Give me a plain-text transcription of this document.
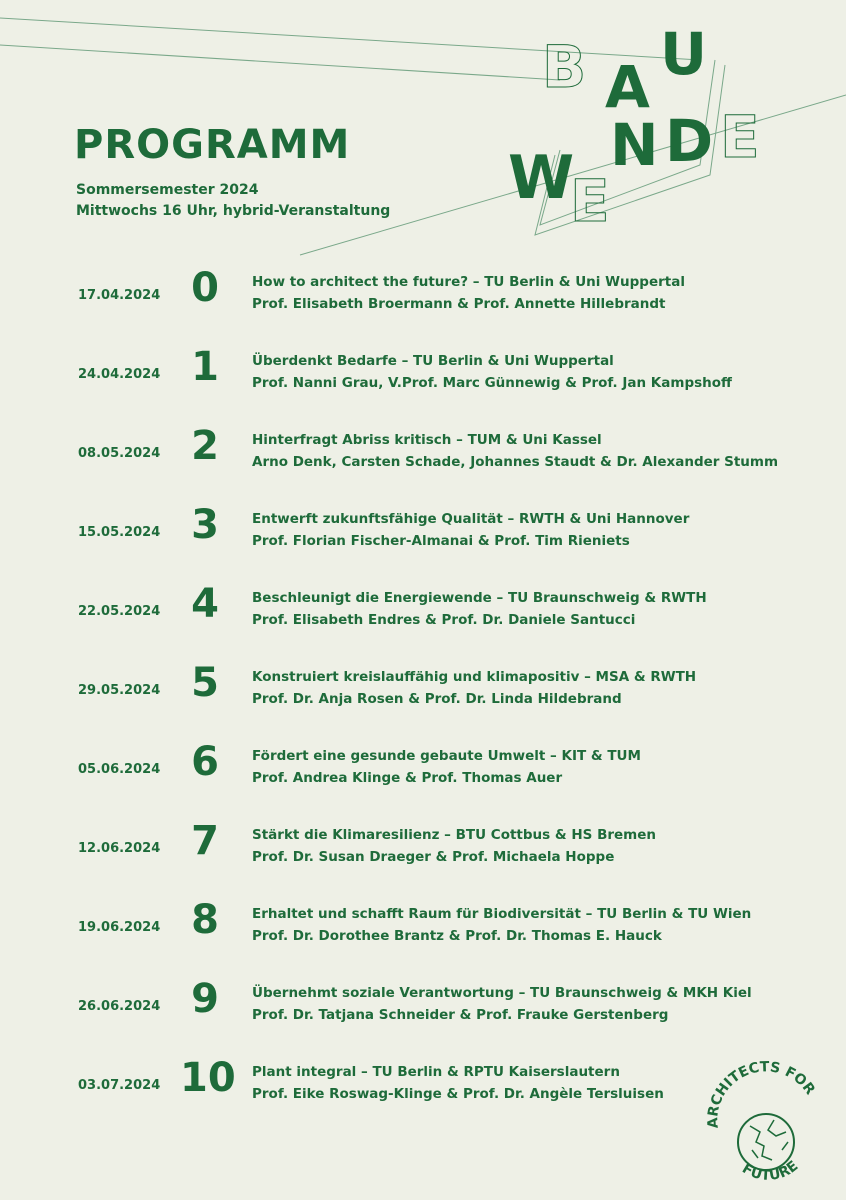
PROGRAMM
Sommersemester 2024
Mittwochs 16 Uhr, hybrid-Veranstaltung
B A U
W
E
N D E
17.04.2024 0	How to architect the future? – TU Berlin & Uni Wuppertal
Prof. Elisabeth Broermann & Prof. Annette Hillebrandt
24.04.2024 1	Überdenkt Bedarfe – TU Berlin & Uni Wuppertal
Prof. Nanni Grau, V.Prof. Marc Günnewig & Prof. Jan Kampshoff
08.05.2024 2	Hinterfragt Abriss kritisch – TUM & Uni Kassel
Arno Denk, Carsten Schade, Johannes Staudt & Dr. Alexander Stumm
15.05.2024 3	Entwerft zukunftsfähige Qualität – RWTH & Uni Hannover
Prof. Florian Fischer-Almanai & Prof. Tim Rieniets
22.05.2024 4	Beschleunigt die Energiewende – TU Braunschweig & RWTH
Prof. Elisabeth Endres & Prof. Dr. Daniele Santucci
29.05.2024 5	Konstruiert kreislauffähig und klimapositiv – MSA & RWTH
Prof. Dr. Anja Rosen & Prof. Dr. Linda Hildebrand
05.06.2024 6	Fördert eine gesunde gebaute Umwelt – KIT & TUM
Prof. Andrea Klinge & Prof. Thomas Auer
12.06.2024 7	Stärkt die Klimaresilienz – BTU Cottbus & HS Bremen
Prof. Dr. Susan Draeger & Prof. Michaela Hoppe
19.06.2024 8	Erhaltet und schafft Raum für Biodiversität – TU Berlin & TU Wien
Prof. Dr. Dorothee Brantz & Prof. Dr. Thomas E. Hauck
26.06.2024 9	Übernehmt soziale Verantwortung – TU Braunschweig & MKH Kiel
Prof. Dr. Tatjana Schneider & Prof. Frauke Gerstenberg
03.07.2024 10 Plant integral – TU Berlin & RPTU Kaiserslautern
Prof. Eike Roswag-Klinge & Prof. Dr. Angèle Tersluisen
ARCHITECTS FOR
FUTURE
